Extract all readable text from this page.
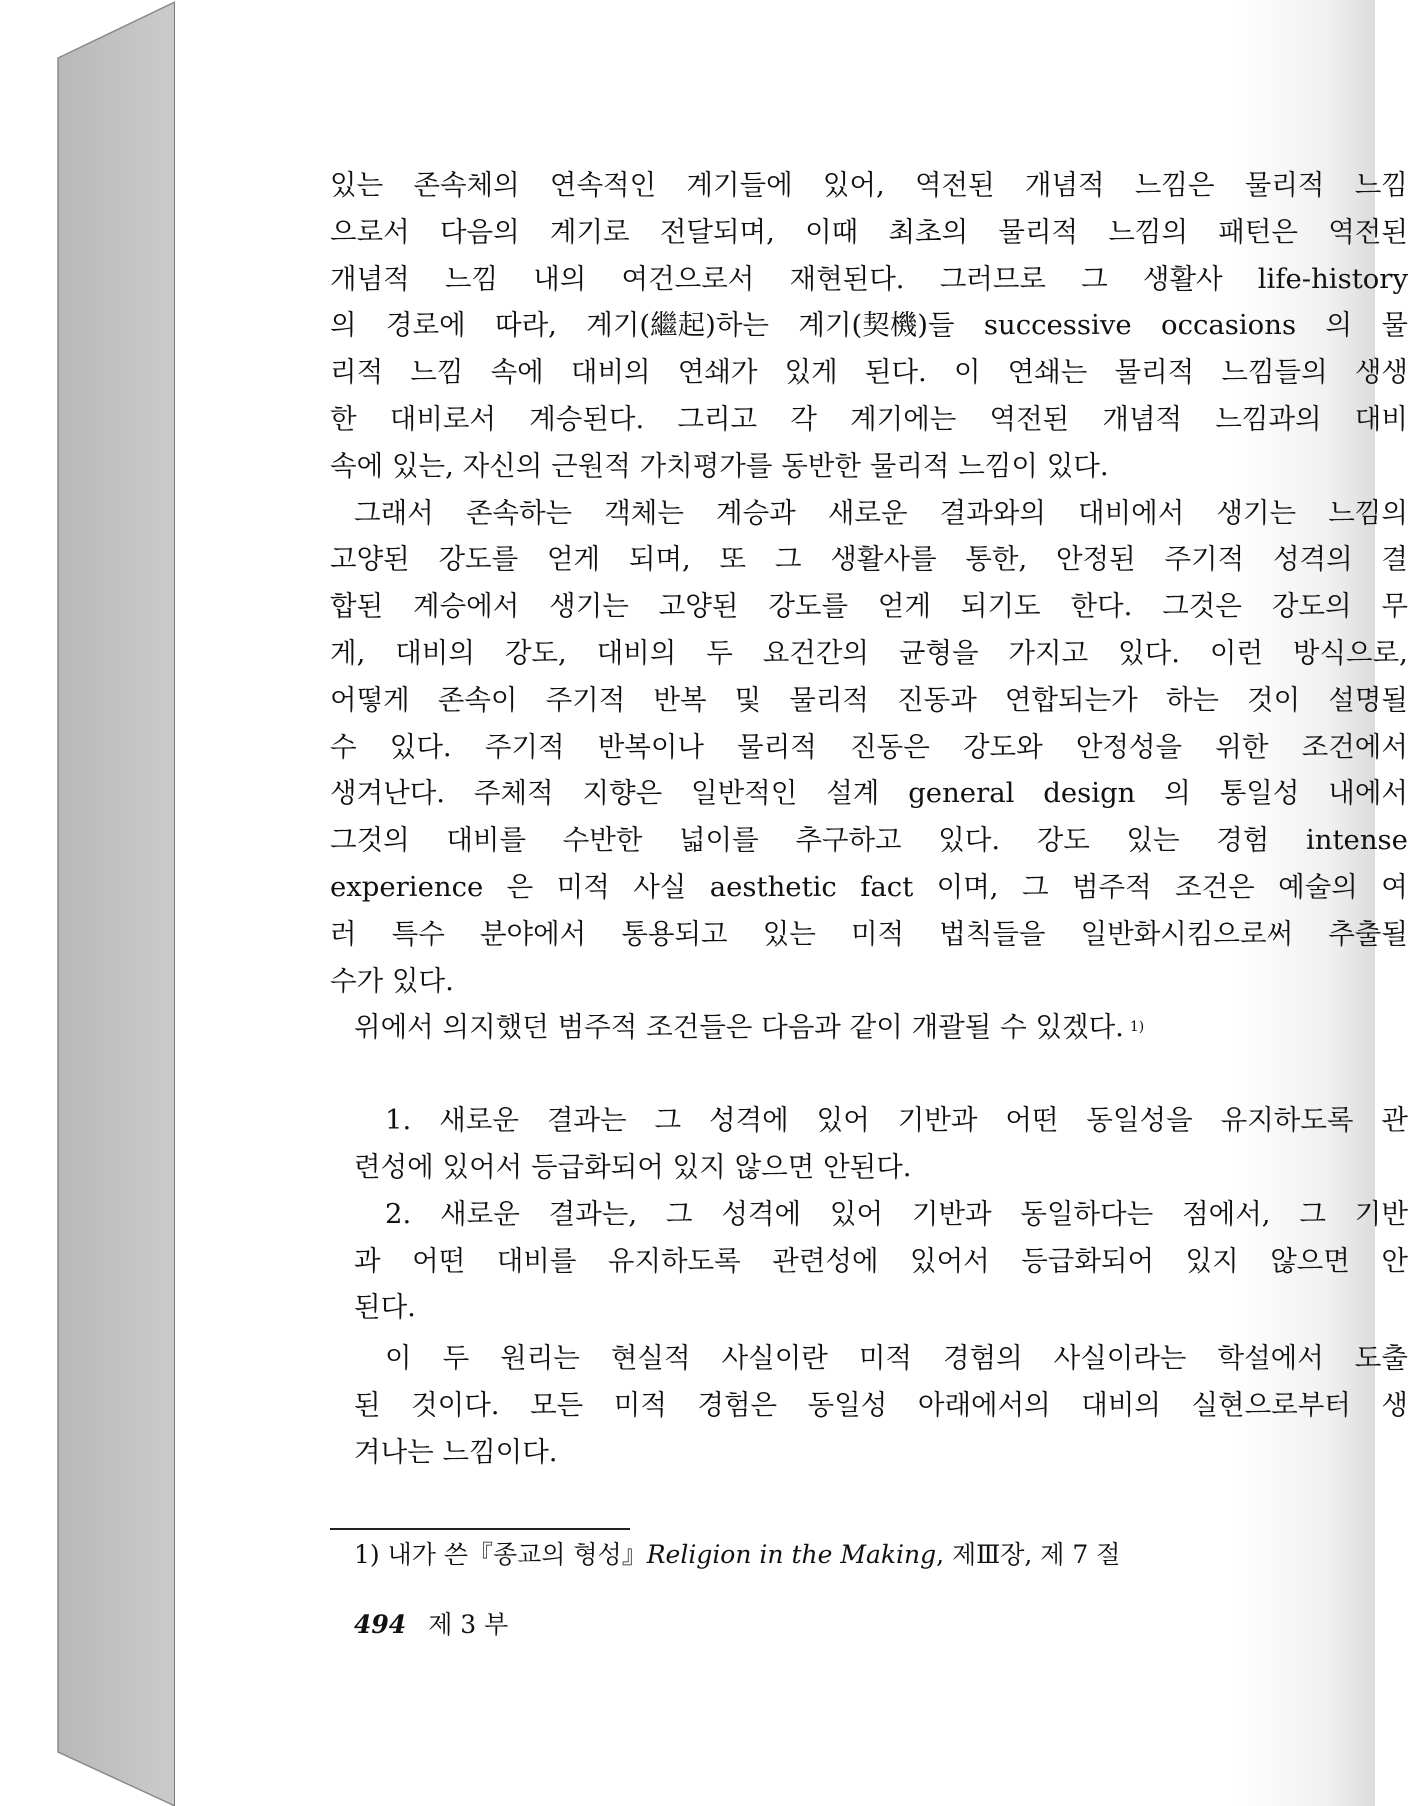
있는 존속체의 연속적인 계기들에 있어, 역전된 개념적 느낌은 물리적 느낌
으로서 다음의 계기로 전달되며, 이때 최초의 물리적 느낌의 패턴은 역전된
개념적 느낌 내의 여건으로서 재현된다. 그러므로 그 생활사 life-history
의 경로에 따라, 계기(繼起)하는 계기(契機)들 successive occasions 의 물
리적 느낌 속에 대비의 연쇄가 있게 된다. 이 연쇄는 물리적 느낌들의 생생
한 대비로서 계승된다. 그리고 각 계기에는 역전된 개념적 느낌과의 대비
속에 있는, 자신의 근원적 가치평가를 동반한 물리적 느낌이 있다.
그래서 존속하는 객체는 계승과 새로운 결과와의 대비에서 생기는 느낌의
고양된 강도를 얻게 되며, 또 그 생활사를 통한, 안정된 주기적 성격의 결
합된 계승에서 생기는 고양된 강도를 얻게 되기도 한다. 그것은 강도의 무
게, 대비의 강도, 대비의 두 요건간의 균형을 가지고 있다. 이런 방식으로,
어떻게 존속이 주기적 반복 및 물리적 진동과 연합되는가 하는 것이 설명될
수 있다. 주기적 반복이나 물리적 진동은 강도와 안정성을 위한 조건에서
생겨난다. 주체적 지향은 일반적인 설계 general design 의 통일성 내에서
그것의 대비를 수반한 넓이를 추구하고 있다. 강도 있는 경험 intense
experience 은 미적 사실 aesthetic fact 이며, 그 범주적 조건은 예술의 여
러 특수 분야에서 통용되고 있는 미적 법칙들을 일반화시킴으로써 추출될
수가 있다.
위에서 의지했던 범주적 조건들은 다음과 같이 개괄될 수 있겠다. 1)
1. 새로운 결과는 그 성격에 있어 기반과 어떤 동일성을 유지하도록 관
련성에 있어서 등급화되어 있지 않으면 안된다.
2. 새로운 결과는, 그 성격에 있어 기반과 동일하다는 점에서, 그 기반
과 어떤 대비를 유지하도록 관련성에 있어서 등급화되어 있지 않으면 안
된다.
이 두 원리는 현실적 사실이란 미적 경험의 사실이라는 학설에서 도출
된 것이다. 모든 미적 경험은 동일성 아래에서의 대비의 실현으로부터 생
겨나는 느낌이다.
1) 내가 쓴『종교의 형성』Religion in the Making, 제Ⅲ장, 제 7 절
494 제 3 부
